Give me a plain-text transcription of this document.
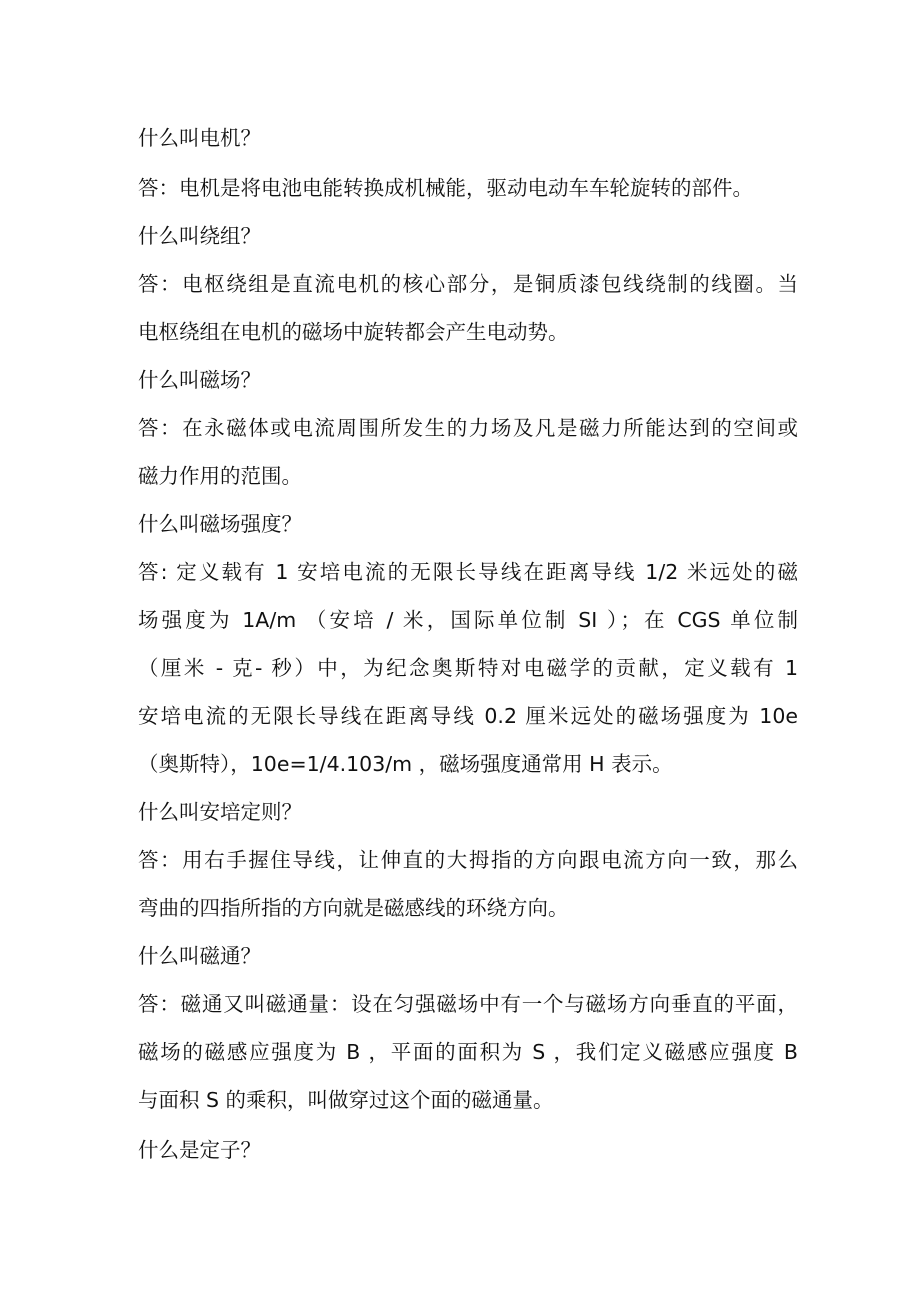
什么叫电机？
答：电机是将电池电能转换成机械能，驱动电动车车轮旋转的部件。
什么叫绕组？
答：电枢绕组是直流电机的核心部分，是铜质漆包线绕制的线圈。当
电枢绕组在电机的磁场中旋转都会产生电动势。
什么叫磁场？
答：在永磁体或电流周围所发生的力场及凡是磁力所能达到的空间或
磁力作用的范围。
什么叫磁场强度？
答: 定义载有 1 安培电流的无限长导线在距离导线 1/2 米远处的磁
场强度为 1A/m （安培 / 米，国际单位制 SI ）；在 CGS 单位制
（厘米 - 克- 秒）中，为纪念奥斯特对电磁学的贡献，定义载有 1
安培电流的无限长导线在距离导线 0.2 厘米远处的磁场强度为 10e
（奥斯特），10e=1/4.103/m ，磁场强度通常用 H 表示。
什么叫安培定则？
答：用右手握住导线，让伸直的大拇指的方向跟电流方向一致，那么
弯曲的四指所指的方向就是磁感线的环绕方向。
什么叫磁通？
答：磁通又叫磁通量：设在匀强磁场中有一个与磁场方向垂直的平面，
磁场的磁感应强度为 B ，平面的面积为 S ，我们定义磁感应强度 B
与面积 S 的乘积，叫做穿过这个面的磁通量。
什么是定子？
